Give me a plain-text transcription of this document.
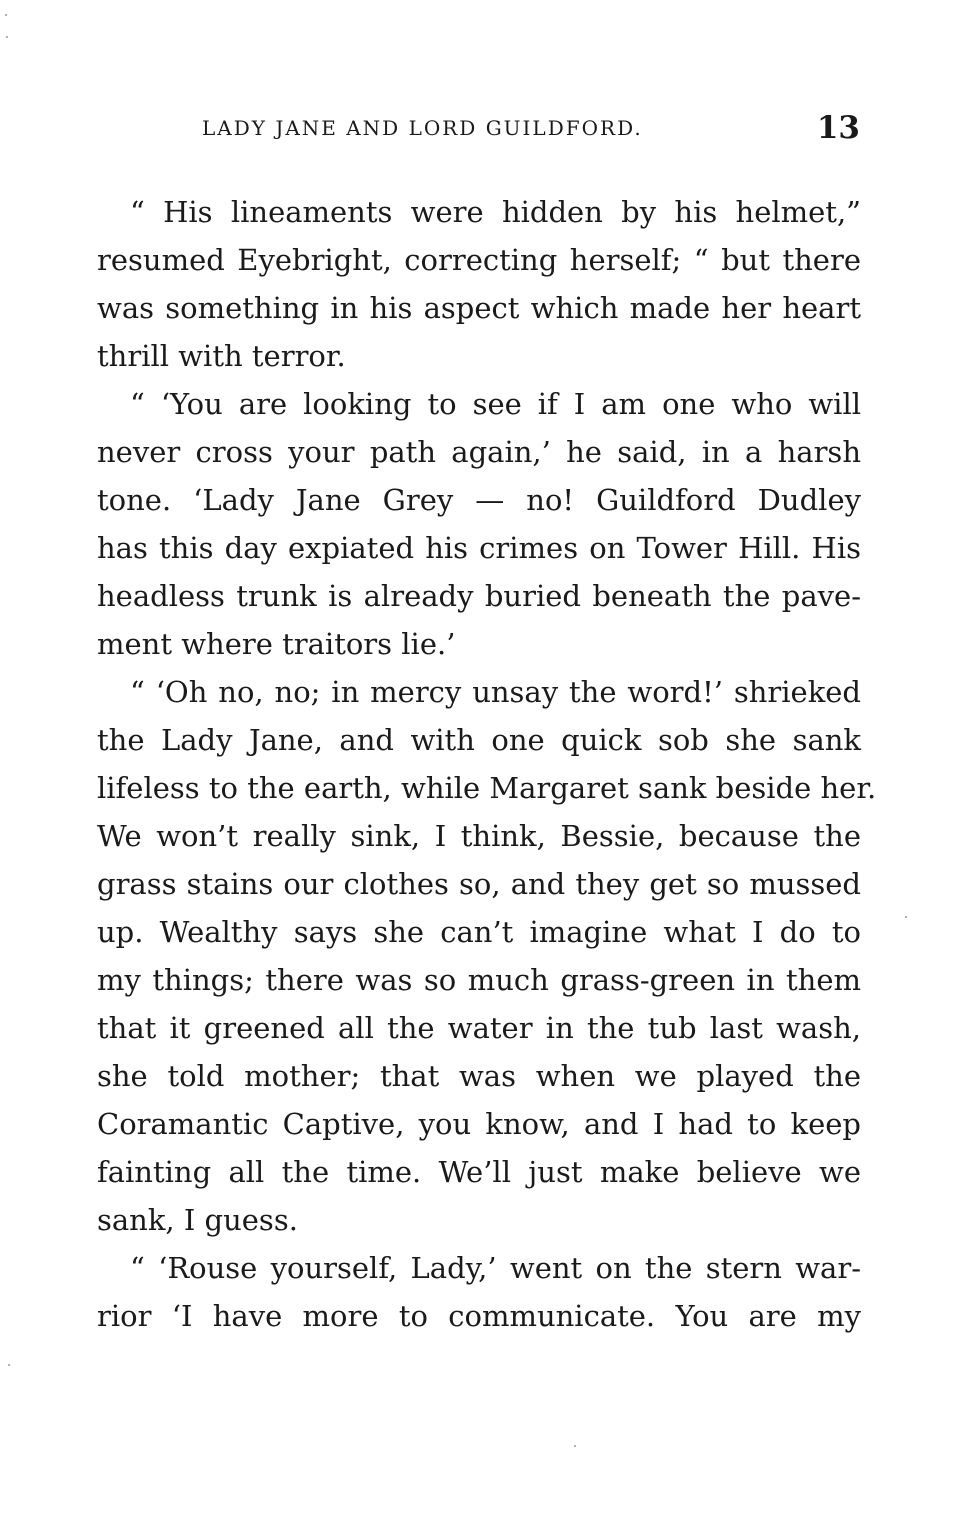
LADY JANE AND LORD GUILDFORD.	13
“ His lineaments were hidden by his helmet,”
resumed Eyebright, correcting herself; “ but there
was something in his aspect which made her heart
thrill with terror.
“ ‘You are looking to see if I am one who will
never cross your path again,’ he said, in a harsh
tone. ‘Lady Jane Grey — no! Guildford Dudley
has this day expiated his crimes on Tower Hill. His
headless trunk is already buried beneath the pave-
ment where traitors lie.’
“ ‘Oh no, no; in mercy unsay the word!’ shrieked
the Lady Jane, and with one quick sob she sank
lifeless to the earth, while Margaret sank beside her.
We won’t really sink, I think, Bessie, because the
grass stains our clothes so, and they get so mussed
up. Wealthy says she can’t imagine what I do to
my things; there was so much grass-green in them
that it greened all the water in the tub last wash,
she told mother; that was when we played the
Coramantic Captive, you know, and I had to keep
fainting all the time. We’ll just make believe we
sank, I guess.
“ ‘Rouse yourself, Lady,’ went on the stern war-
rior ‘I have more to communicate. You are my
